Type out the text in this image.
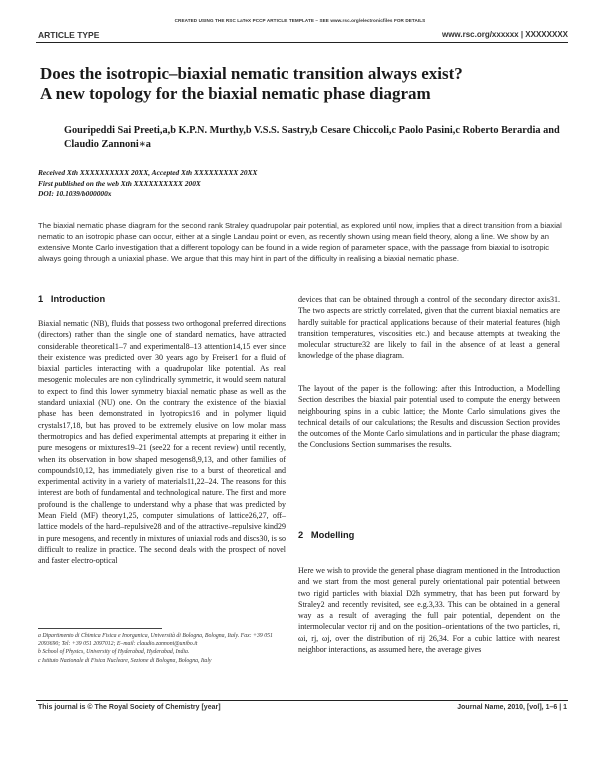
CREATED USING THE RSC LaTeX PCCP ARTICLE TEMPLATE – SEE www.rsc.org/electronicfiles FOR DETAILS
ARTICLE TYPE	www.rsc.org/xxxxxx | XXXXXXXX
Does the isotropic–biaxial nematic transition always exist?
A new topology for the biaxial nematic phase diagram
Gouripeddi Sai Preeti,a,b K.P.N. Murthy,b V.S.S. Sastry,b Cesare Chiccoli,c Paolo Pasini,c Roberto Berardia and Claudio Zannoni∗a
Received Xth XXXXXXXXXX 20XX, Accepted Xth XXXXXXXXX 20XX
First published on the web Xth XXXXXXXXXX 200X
DOI: 10.1039/b000000x
The biaxial nematic phase diagram for the second rank Straley quadrupolar pair potential, as explored until now, implies that a direct transition from a biaxial nematic to an isotropic phase can occur, either at a single Landau point or even, as recently shown using mean field theory, along a line. We show by an extensive Monte Carlo investigation that a different topology can be found in a wide region of parameter space, with the passage from biaxial to isotropic always going through a uniaxial phase. We argue that this may hint in part of the difficulty in realising a biaxial nematic phase.
1 Introduction
Biaxial nematic (NB), fluids that possess two orthogonal preferred directions (directors) rather than the single one of standard nematics, have attracted considerable theoretical1–7 and experimental8–13 attention14,15 ever since their existence was predicted over 30 years ago by Freiser1 for a fluid of biaxial particles interacting with a quadrupolar like potential. As real mesogenic molecules are non cylindrically symmetric, it would seem natural to expect to find this lower symmetry biaxial nematic phase as well as the standard uniaxial (NU) one. On the contrary the existence of the biaxial phase has been demonstrated in lyotropics16 and in polymer liquid crystals17,18, but has proved to be extremely elusive on low molar mass thermotropics and has defied experimental attempts at preparing it either in pure mesogens or mixtures19–21 (see22 for a recent review) until recently, when its observation in bow shaped mesogens8,9,13, and other families of compounds10,12, has immediately given rise to a burst of theoretical and experimental activity in a variety of materials11,22–24. The reasons for this interest are both of fundamental and technological nature. The first and more profound is the challenge to understand why a phase that was predicted by Mean Field (MF) theory1,25, computer simulations of lattice26,27, off–lattice models of the hard–repulsive28 and of the attractive–repulsive kind29 in pure mesogens, and recently in mixtures of uniaxial rods and discs30, is so difficult to realize in practice. The second deals with the prospect of novel and faster electro-optical
devices that can be obtained through a control of the secondary director axis31. The two aspects are strictly correlated, given that the current biaxial nematics are hardly suitable for practical applications because of their material features (high transition temperatures, viscosities etc.) and because attempts at tweaking the molecular structure32 are likely to fail in the absence of at least a general knowledge of the phase diagram.
The layout of the paper is the following: after this Introduction, a Modelling Section describes the biaxial pair potential used to compute the energy between neighbouring spins in a cubic lattice; the Monte Carlo simulations gives the technical details of our calculations; the Results and discussion Section provides the outcomes of the Monte Carlo simulations and in particular the phase diagram; the Conclusions Section summarises the results.
2 Modelling
Here we wish to provide the general phase diagram mentioned in the Introduction and we start from the most general purely orientational pair potential between two rigid particles with biaxial D2h symmetry, that has been put forward by Straley2 and recently revisited, see e.g.3,33. This can be obtained in a general way as a result of averaging the full pair potential, dependent on the intermolecular vector rij and on the position–orientations of the two particles, ri, ωi, rj, ωj, over the distribution of rij 26,34. For a cubic lattice with nearest neighbor interactions, as assumed here, the average gives
a Dipartimento di Chimica Fisica e Inorganica, Università di Bologna, Bologna, Italy. Fax: +39 051 2093690; Tel: +39 051 2097012; E–mail: claudio.zannoni@unibo.it
b School of Physics, University of Hyderabad, Hyderabad, India.
c Istituto Nazionale di Fisica Nucleare, Sezione di Bologna, Bologna, Italy
This journal is © The Royal Society of Chemistry [year]	Journal Name, 2010, [vol], 1–6 | 1
